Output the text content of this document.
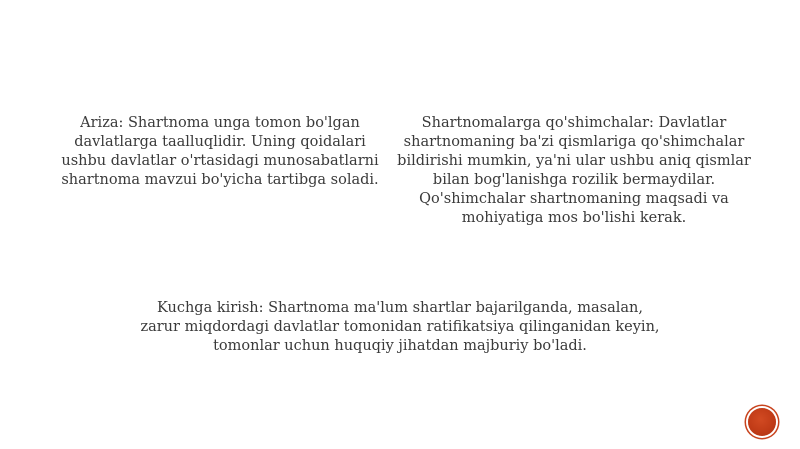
Ariza: Shartnoma unga tomon bo'lgan
davlatlarga taalluqlidir. Uning qoidalari
ushbu davlatlar o'rtasidagi munosabatlarni
shartnoma mavzui bo'yicha tartibga soladi.
Shartnomalarga qo'shimchalar: Davlatlar
shartnomaning ba'zi qismlariga qo'shimchalar
bildirishi mumkin, ya'ni ular ushbu aniq qismlar
bilan bog'lanishga rozilik bermaydilar.
Qo'shimchalar shartnomaning maqsadi va
mohiyatiga mos bo'lishi kerak.
Kuchga kirish: Shartnoma ma'lum shartlar bajarilganda, masalan,
zarur miqdordagi davlatlar tomonidan ratifikatsiya qilinganidan keyin,
tomonlar uchun huquqiy jihatdan majburiy bo'ladi.
